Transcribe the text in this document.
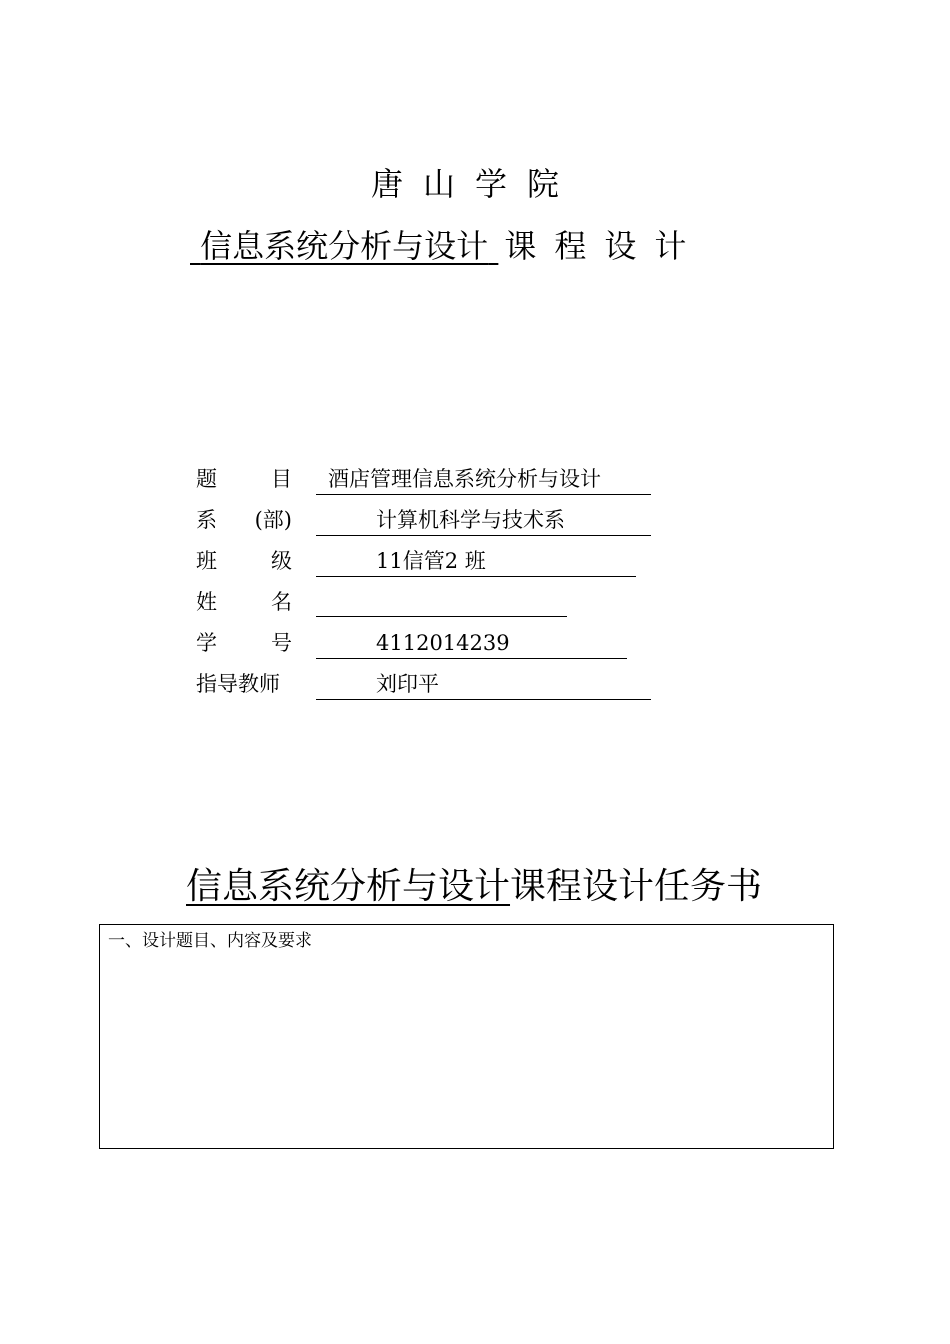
唐山学院
信息系统分析与设计 课程设计
题	目	酒店管理信息系统分析与设计
系 (部)	计算机科学与技术系
班	级	11信管2 班
姓	名
学	号	4112014239
指导教师	刘印平
信息系统分析与设计课程设计任务书
一、设计题目、内容及要求
